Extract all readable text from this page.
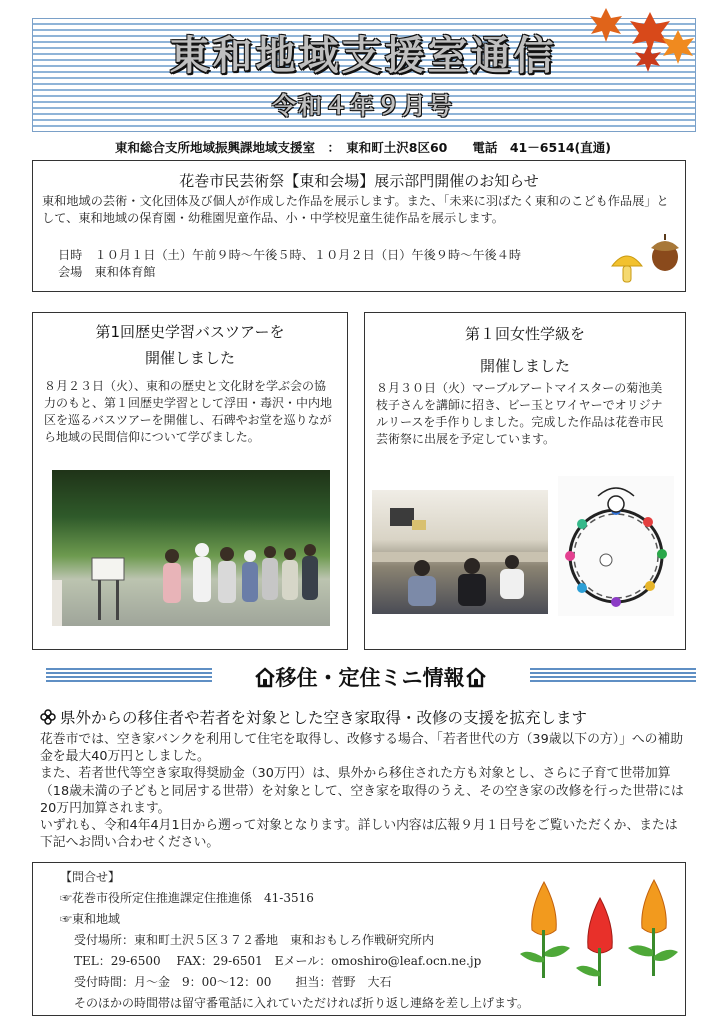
東和地域支援室通信
令和４年９月号
東和総合支所地域振興課地域支援室　：　東和町土沢8区60　　電話　41－6514(直通)
花巻市民芸術祭【東和会場】展示部門開催のお知らせ
東和地域の芸術・文化団体及び個人が作成した作品を展示します。また、「未来に羽ばたく東和のこども作品展」として、東和地域の保育園・幼稚園児童作品、小・中学校児童生徒作品を展示します。
日時　１０月１日（土）午前９時～午後５時、１０月２日（日）午後９時～午後４時
会場　東和体育館
第1回歴史学習バスツアーを
開催しました
８月２３日（火）、東和の歴史と文化財を学ぶ会の協力のもと、第１回歴史学習として浮田・毒沢・中内地区を巡るバスツアーを開催し、石碑やお堂を巡りながら地域の民間信仰について学びました。
第１回女性学級を
開催しました
８月３０日（火）マーブルアートマイスターの菊池美枝子さんを講師に招き、ビー玉とワイヤーでオリジナルリースを手作りしました。完成した作品は花巻市民芸術祭に出展を予定しています。
移住・定住ミニ情報
県外からの移住者や若者を対象とした空き家取得・改修の支援を拡充します
花巻市では、空き家バンクを利用して住宅を取得し、改修する場合、「若者世代の方（39歳以下の方）」への補助金を最大40万円としました。
また、若者世代等空き家取得奨励金（30万円）は、県外から移住された方も対象とし、さらに子育て世帯加算（18歳未満の子どもと同居する世帯）を対象として、空き家を取得のうえ、その空き家の改修を行った世帯には20万円加算されます。
いずれも、令和4年4月1日から遡って対象となります。詳しい内容は広報９月１日号をご覧いただくか、または下記へお問い合わせください。
【問合せ】
☞花巻市役所定住推進課定住推進係　41-3516
☞東和地域
受付場所：東和町土沢５区３７２番地　東和おもしろ作戦研究所内
TEL：29-6500　 FAX：29-6501　Eメール：omoshiro@leaf.ocn.ne.jp
受付時間：月～金　9：00～12：00　　担当：菅野　大石
そのほかの時間帯は留守番電話に入れていただければ折り返し連絡を差し上げます。
